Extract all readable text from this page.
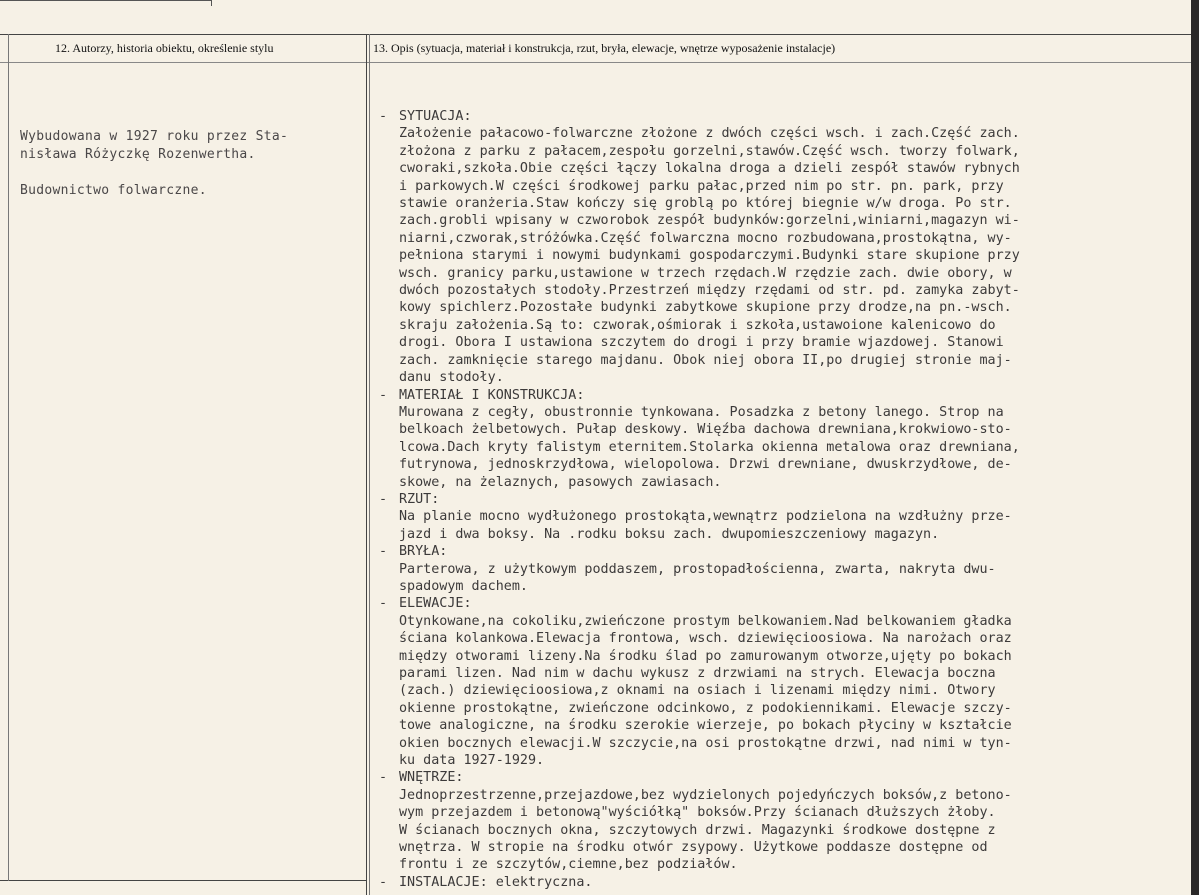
12. Autorzy, historia obiektu, określenie stylu	13. Opis (sytuacja, materiał i konstrukcja, rzut, bryła, elewacje, wnętrze wyposażenie instalacje)

Wybudowana w 1927 roku przez Sta-
nisława Różyczkę Rozenwertha.

Budownictwo folwarczne.

- SYTUACJA:
Założenie pałacowo-folwarczne złożone z dwóch części wsch. i zach.Część zach.
złożona z parku z pałacem,zespołu gorzelni,stawów.Część wsch. tworzy folwark,
cworaki,szkoła.Obie części łączy lokalna droga a dzieli zespół stawów rybnych
i parkowych.W części środkowej parku pałac,przed nim po str. pn. park, przy
stawie oranżeria.Staw kończy się groblą po której biegnie w/w droga. Po str.
zach.grobli wpisany w czworobok zespół budynków:gorzelni,winiarni,magazyn wi-
niarni,czworak,stróżówka.Część folwarczna mocno rozbudowana,prostokątna, wy-
pełniona starymi i nowymi budynkami gospodarczymi.Budynki stare skupione przy
wsch. granicy parku,ustawione w trzech rzędach.W rzędzie zach. dwie obory, w
dwóch pozostałych stodoły.Przestrzeń między rzędami od str. pd. zamyka zabyt-
kowy spichlerz.Pozostałe budynki zabytkowe skupione przy drodze,na pn.-wsch.
skraju założenia.Są to: czworak,ośmiorak i szkoła,ustawoione kalenicowo do
drogi. Obora I ustawiona szczytem do drogi i przy bramie wjazdowej. Stanowi
zach. zamknięcie starego majdanu. Obok niej obora II,po drugiej stronie maj-
danu stodoły.
- MATERIAŁ I KONSTRUKCJA:
Murowana z cegły, obustronnie tynkowana. Posadzka z betony lanego. Strop na
belkoach żelbetowych. Pułap deskowy. Więźba dachowa drewniana,krokwiowo-sto-
lcowa.Dach kryty falistym eternitem.Stolarka okienna metalowa oraz drewniana,
futrynowa, jednoskrzydłowa, wielopolowa. Drzwi drewniane, dwuskrzydłowe, de-
skowe, na żelaznych, pasowych zawiasach.
- RZUT:
Na planie mocno wydłużonego prostokąta,wewnątrz podzielona na wzdłużny prze-
jazd i dwa boksy. Na .rodku boksu zach. dwupomieszczeniowy magazyn.
- BRYŁA:
Parterowa, z użytkowym poddaszem, prostopadłościenna, zwarta, nakryta dwu-
spadowym dachem.
- ELEWACJE:
Otynkowane,na cokoliku,zwieńczone prostym belkowaniem.Nad belkowaniem gładka
ściana kolankowa.Elewacja frontowa, wsch. dziewięcioosiowa. Na narożach oraz
między otworami lizeny.Na środku ślad po zamurowanym otworze,ujęty po bokach
parami lizen. Nad nim w dachu wykusz z drzwiami na strych. Elewacja boczna
(zach.) dziewięcioosiowa,z oknami na osiach i lizenami między nimi. Otwory
okienne prostokątne, zwieńczone odcinkowo, z podokiennikami. Elewacje szczy-
towe analogiczne, na środku szerokie wierzeje, po bokach płyciny w kształcie
okien bocznych elewacji.W szczycie,na osi prostokątne drzwi, nad nimi w tyn-
ku data 1927-1929.
- WNĘTRZE:
Jednoprzestrzenne,przejazdowe,bez wydzielonych pojedyńczych boksów,z betono-
wym przejazdem i betonową"wyściółką" boksów.Przy ścianach dłuższych żłoby.
W ścianach bocznych okna, szczytowych drzwi. Magazynki środkowe dostępne z
wnętrza. W stropie na środku otwór zsypowy. Użytkowe poddasze dostępne od
frontu i ze szczytów,ciemne,bez podziałów.
- INSTALACJE: elektryczna.
